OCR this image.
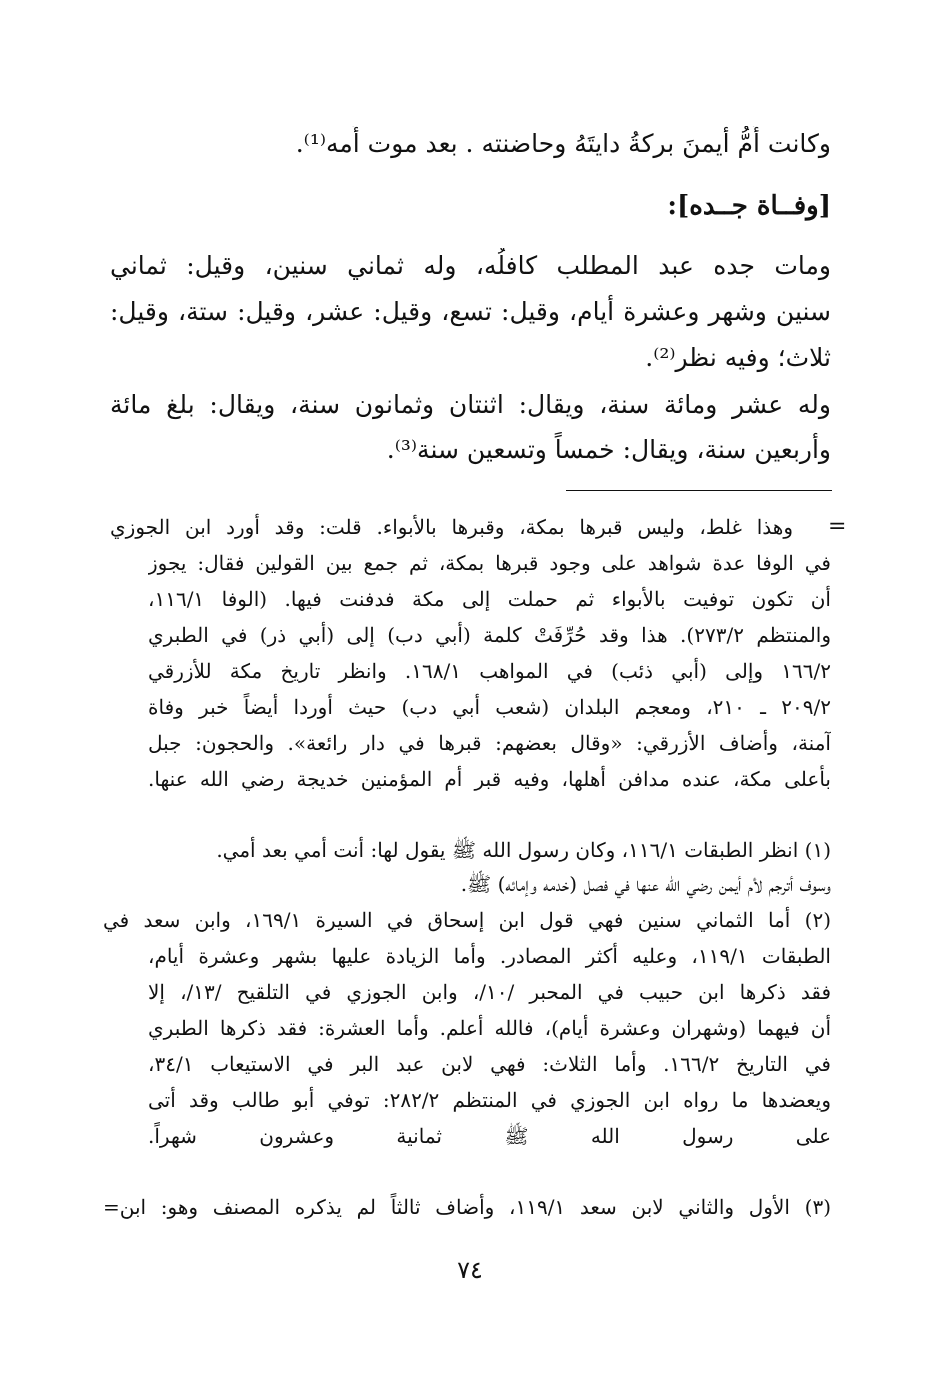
وكانت أُمُّ أيمنَ بركةُ دايتَهُ وحاضنته . بعد موت أُمه⁽¹⁾.
[وفــاة جــده]:
ومات جده عبد المطلب كافلُه، وله ثماني سنين، وقيل: ثماني
سنين وشهر وعشرة أيام، وقيل: تسع، وقيل: عشر، وقيل: ستة، وقيل:
ثلاث؛ وفيه نظر⁽²⁾.
وله عشر ومائة سنة، ويقال: اثنتان وثمانون سنة، ويقال: بلغ مائة
وأربعين سنة، ويقال: خمساً وتسعين سنة⁽³⁾.
=
وهذا غلط، وليس قبرها بمكة، وقبرها بالأبواء. قلت: وقد أورد ابن الجوزي
في الوفا عدة شواهد على وجود قبرها بمكة، ثم جمع بين القولين فقال: يجوز
أن تكون توفيت بالأبواء ثم حملت إلى مكة فدفنت فيها. (الوفا ١١٦/١،
والمنتظم ٢٧٣/٢). هذا وقد حُرِّفَتْ كلمة (أبي دب) إلى (أبي ذر) في الطبري
١٦٦/٢ وإلى (أبي ذئب) في المواهب ١٦٨/١. وانظر تاريخ مكة للأزرقي
٢٠٩/٢ ـ ٢١٠، ومعجم البلدان (شعب أبي دب) حيث أوردا أيضاً خبر وفاة
آمنة، وأضاف الأزرقي: «وقال بعضهم: قبرها في دار رائعة». والحجون: جبل
بأعلى مكة، عنده مدافن أهلها، وفيه قبر أم المؤمنين خديجة رضي الله عنها.
(١) انظر الطبقات ١١٦/١، وكان رسول الله ﷺ يقول لها: أنت أمي بعد أمي.
وسوف أترجم لأم أيمن رضي الله عنها في فصل (خدمه وإمائه) ﷺ.
(٢) أما الثماني سنين فهي قول ابن إسحاق في السيرة ١٦٩/١، وابن سعد في
الطبقات ١١٩/١، وعليه أكثر المصادر. وأما الزيادة عليها بشهر وعشرة أيام،
فقد ذكرها ابن حبيب في المحبر /١٠/، وابن الجوزي في التلقيح /١٣/، إلا
أن فيهما (وشهران وعشرة أيام)، فالله أعلم. وأما العشرة: فقد ذكرها الطبري
في التاريخ ١٦٦/٢. وأما الثلاث: فهي لابن عبد البر في الاستيعاب ٣٤/١،
ويعضدها ما رواه ابن الجوزي في المنتظم ٢٨٢/٢: توفي أبو طالب وقد أتى
على رسول الله ﷺ ثمانية وعشرون شهراً.
(٣) الأول والثاني لابن سعد ١١٩/١، وأضاف ثالثاً لم يذكره المصنف وهو: ابن=
٧٤
